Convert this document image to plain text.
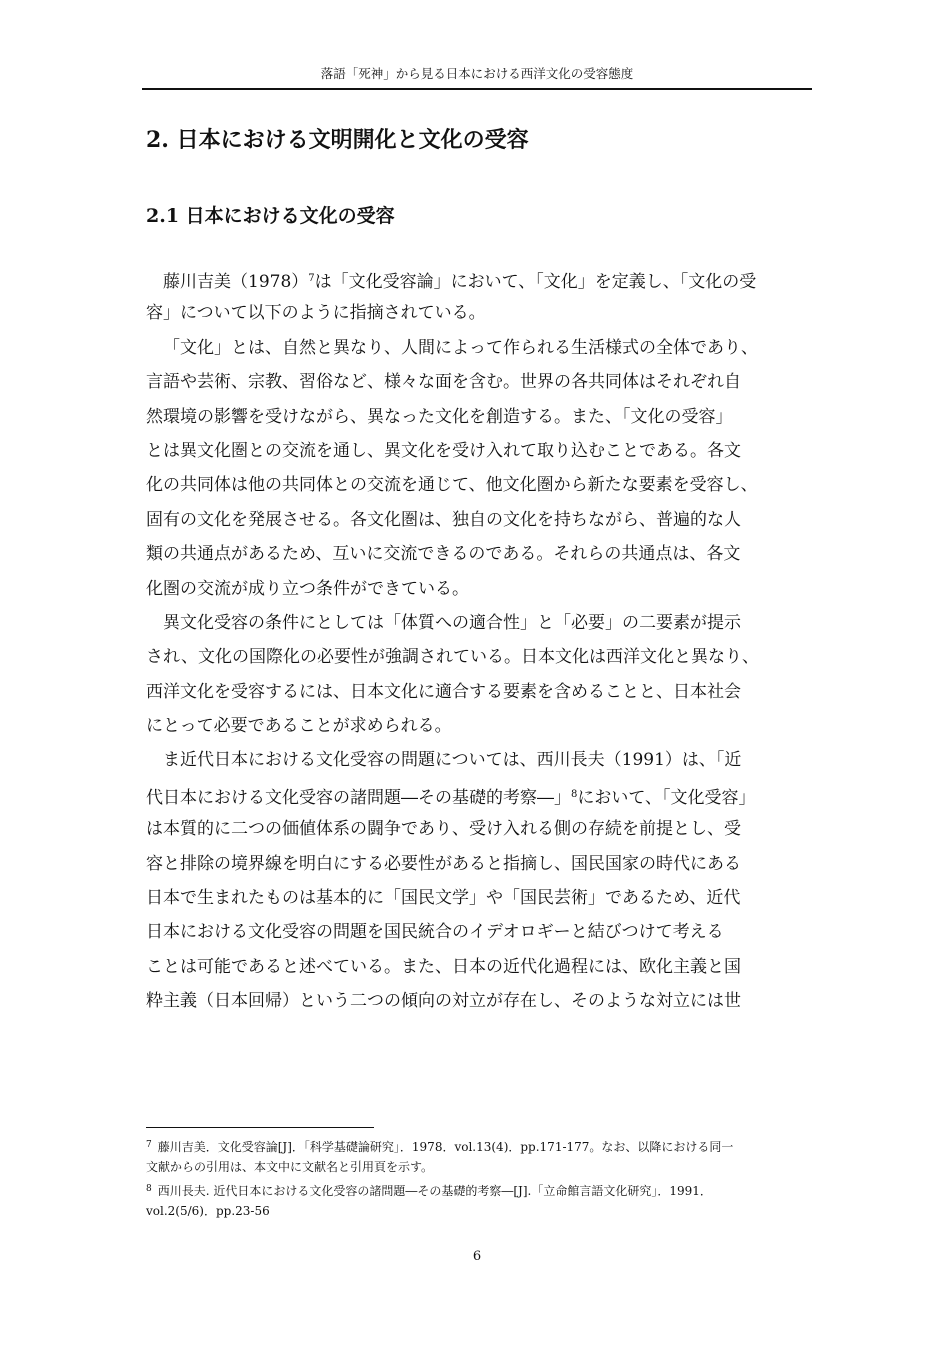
落語「死神」から見る日本における西洋文化の受容態度
2. 日本における文明開化と文化の受容
2.1 日本における文化の受容
藤川吉美$(1978)^7$は「文化受容論」において、「文化」を定義し、「文化の受
容」について以下のように指摘されている。
「文化」とは、自然と異なり、人間によって作られる生活様式の全体であり、
言語や芸術、宗教、習俗など、様々な面を含む。世界の各共同体はそれぞれ自
然環境の影響を受けながら、異なった文化を創造する。また、「文化の受容」
とは異文化圏との交流を通し、異文化を受け入れて取り込むことである。各文
化の共同体は他の共同体との交流を通じて、他文化圏から新たな要素を受容し、
固有の文化を発展させる。各文化圏は、独自の文化を持ちながら、普遍的な人
類の共通点があるため、互いに交流できるのである。それらの共通点は、各文
化圏の交流が成り立つ条件ができている。
異文化受容の条件にとしては「体質への適合性」と「必要」の二要素が提示
され、文化の国際化の必要性が強調されている。日本文化は西洋文化と異なり、
西洋文化を受容するには、日本文化に適合する要素を含めることと、日本社会
にとって必要であることが求められる。
ま近代日本における文化受容の問題については、西川長夫（1991）は、「近
代日本における文化受容の諸問題―その基礎的考察―」$^8$において、「文化受容」
は本質的に二つの価値体系の闘争であり、受け入れる側の存続を前提とし、受
容と排除の境界線を明白にする必要性があると指摘し、国民国家の時代にある
日本で生まれたものは基本的に「国民文学」や「国民芸術」であるため、近代
日本における文化受容の問題を国民統合のイデオロギーと結びつけて考える
ことは可能であると述べている。また、日本の近代化過程には、欧化主義と国
粋主義（日本回帰）という二つの傾向の対立が存在し、そのような対立には世
$^7$ 藤川吉美．文化受容論[J]．「科学基礎論研究」．1978．vol.13(4)．pp.171-177。なお、以降における同一
文献からの引用は、本文中に文献名と引用頁を示す。
$^8$ 西川長夫. 近代日本における文化受容の諸問題―その基礎的考察―[J].「立命館言語文化研究」．1991．
vol.2(5/6)．pp.23-56
6
